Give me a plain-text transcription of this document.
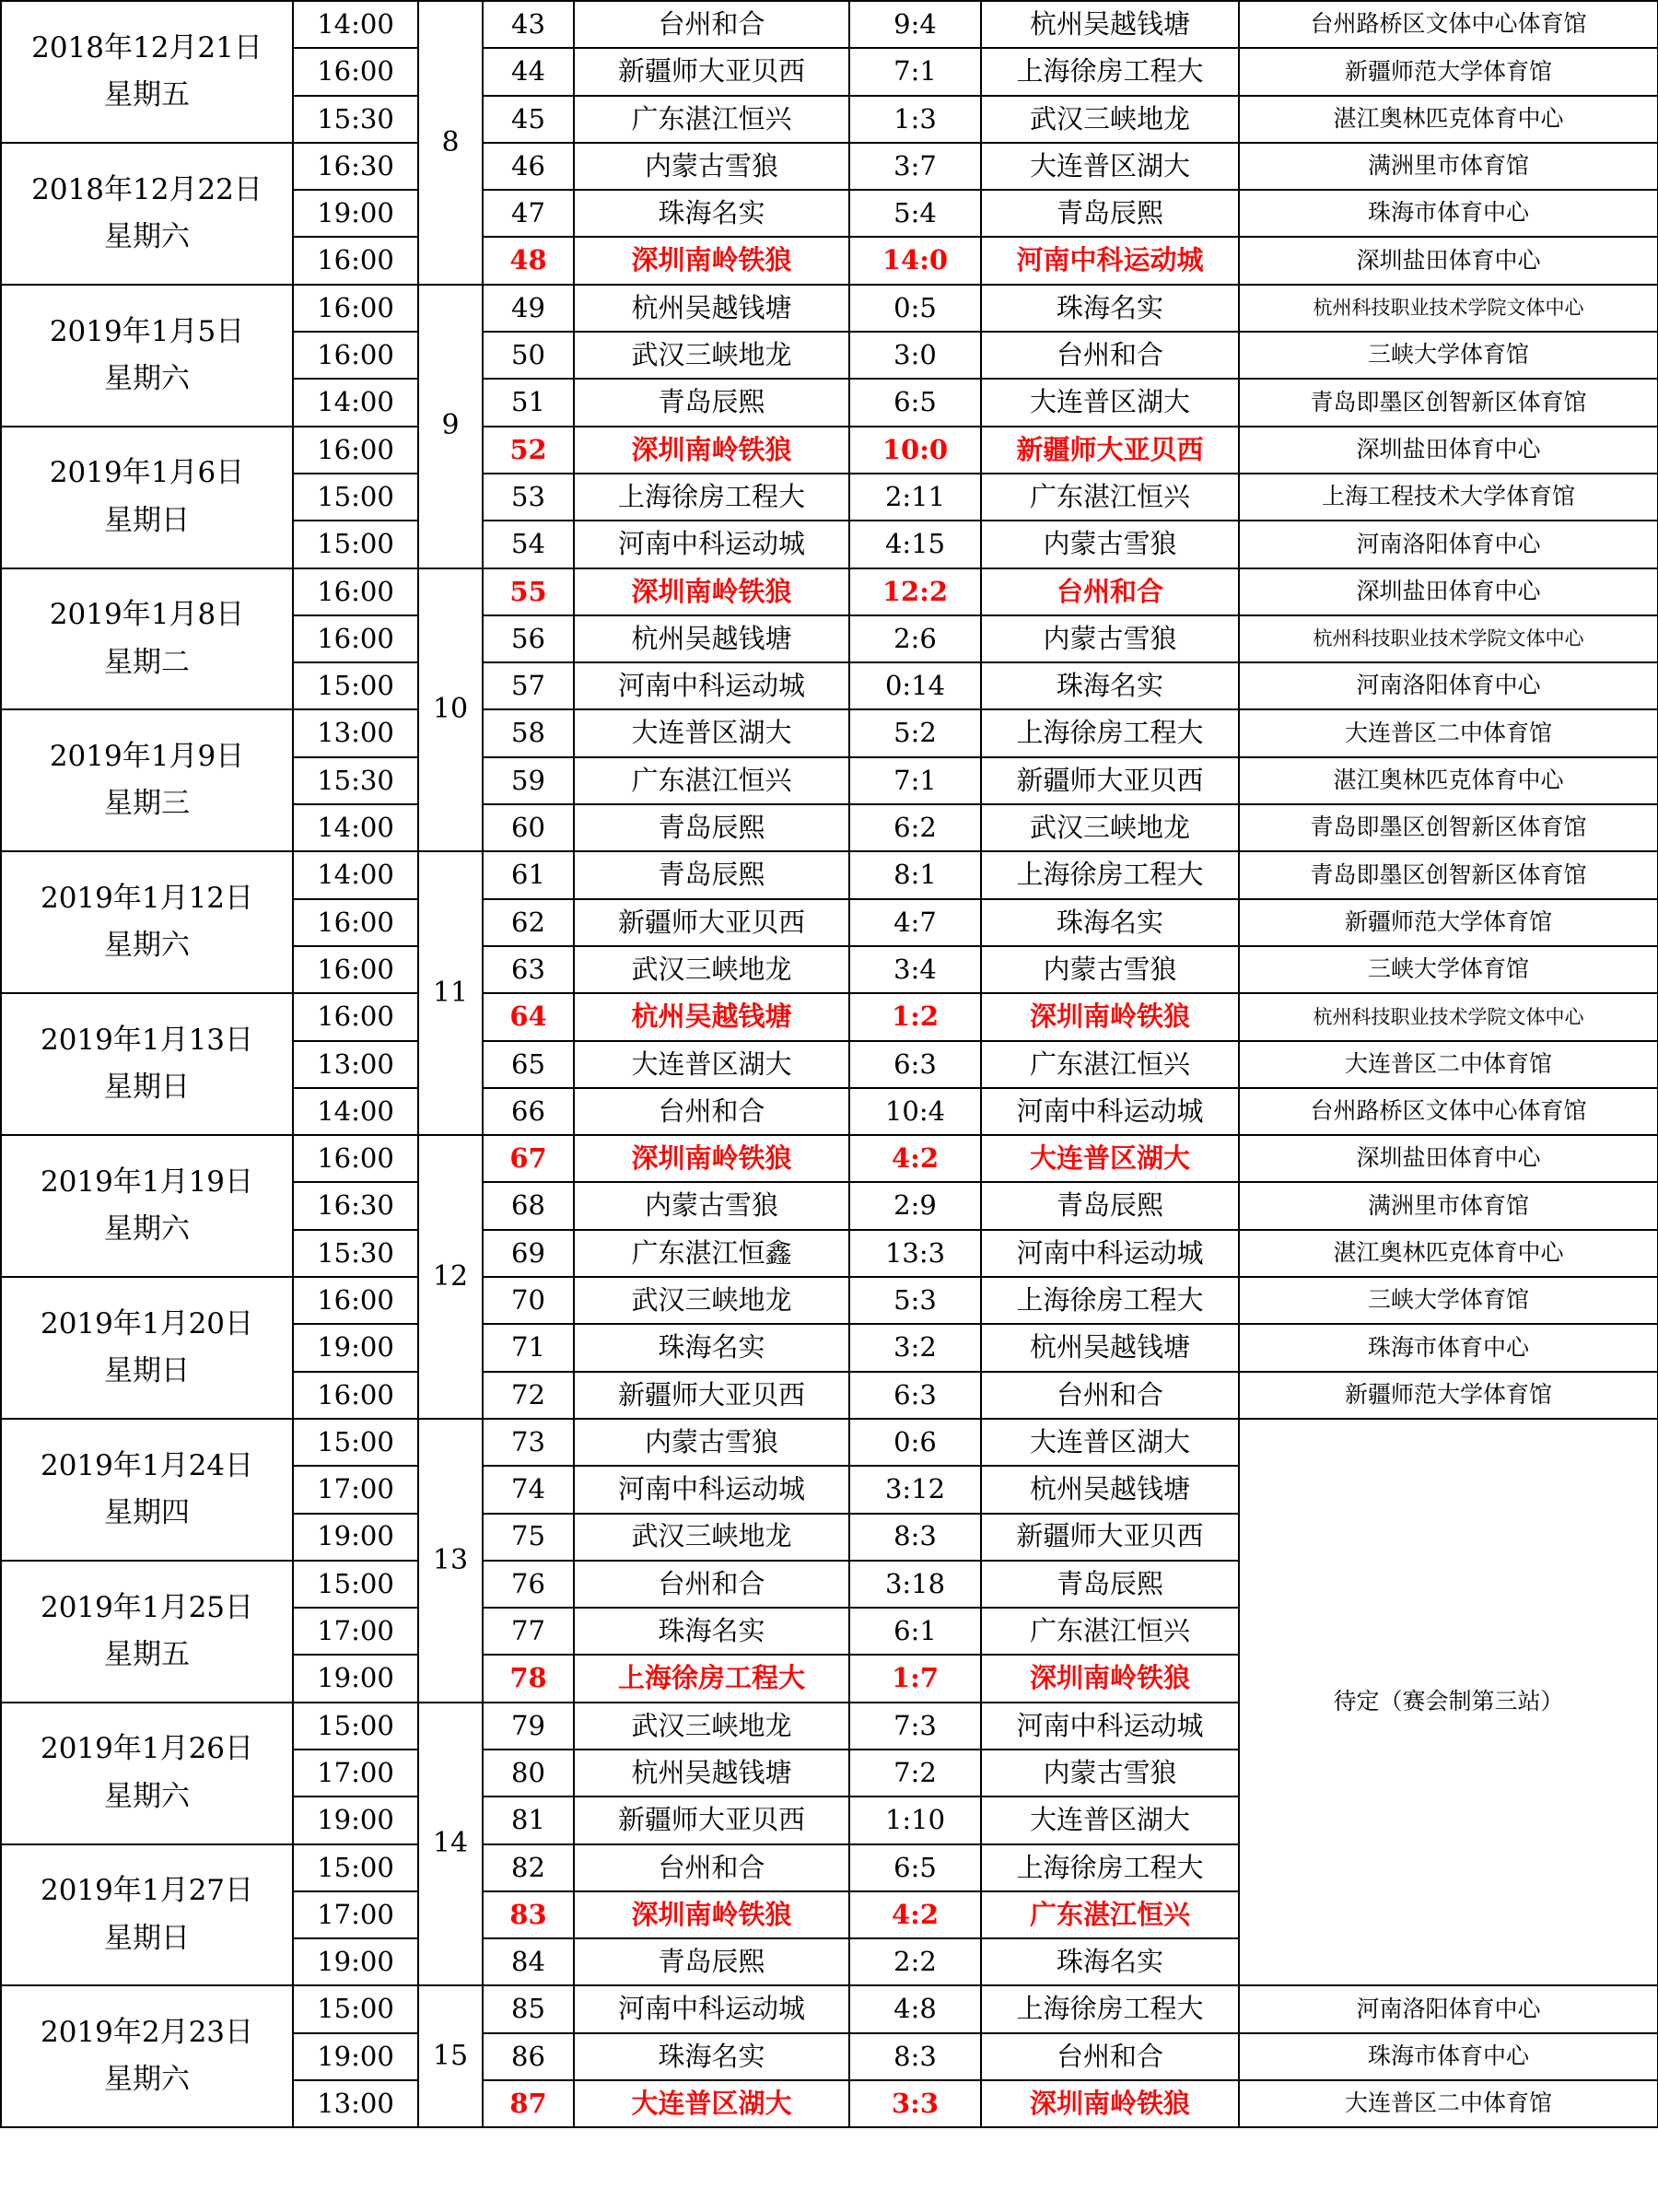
2018年12月21日
星期五	14:00	8	43	台州和合	9:4	杭州吴越钱塘	台州路桥区文体中心体育馆
	16:00		44	新疆师大亚贝西	7:1	上海徐房工程大	新疆师范大学体育馆
	15:30		45	广东湛江恒兴	1:3	武汉三峡地龙	湛江奥林匹克体育中心
2018年12月22日
星期六	16:30		46	内蒙古雪狼	3:7	大连普区湖大	满洲里市体育馆
	19:00		47	珠海名实	5:4	青岛辰熙	珠海市体育中心
	16:00		48	深圳南岭铁狼	14:0	河南中科运动城	深圳盐田体育中心
2019年1月5日
星期六	16:00	9	49	杭州吴越钱塘	0:5	珠海名实	杭州科技职业技术学院文体中心
	16:00		50	武汉三峡地龙	3:0	台州和合	三峡大学体育馆
	14:00		51	青岛辰熙	6:5	大连普区湖大	青岛即墨区创智新区体育馆
2019年1月6日
星期日	16:00		52	深圳南岭铁狼	10:0	新疆师大亚贝西	深圳盐田体育中心
	15:00		53	上海徐房工程大	2:11	广东湛江恒兴	上海工程技术大学体育馆
	15:00		54	河南中科运动城	4:15	内蒙古雪狼	河南洛阳体育中心
2019年1月8日
星期二	16:00	10	55	深圳南岭铁狼	12:2	台州和合	深圳盐田体育中心
	16:00		56	杭州吴越钱塘	2:6	内蒙古雪狼	杭州科技职业技术学院文体中心
	15:00		57	河南中科运动城	0:14	珠海名实	河南洛阳体育中心
2019年1月9日
星期三	13:00		58	大连普区湖大	5:2	上海徐房工程大	大连普区二中体育馆
	15:30		59	广东湛江恒兴	7:1	新疆师大亚贝西	湛江奥林匹克体育中心
	14:00		60	青岛辰熙	6:2	武汉三峡地龙	青岛即墨区创智新区体育馆
2019年1月12日
星期六	14:00	11	61	青岛辰熙	8:1	上海徐房工程大	青岛即墨区创智新区体育馆
	16:00		62	新疆师大亚贝西	4:7	珠海名实	新疆师范大学体育馆
	16:00		63	武汉三峡地龙	3:4	内蒙古雪狼	三峡大学体育馆
2019年1月13日
星期日	16:00		64	杭州吴越钱塘	1:2	深圳南岭铁狼	杭州科技职业技术学院文体中心
	13:00		65	大连普区湖大	6:3	广东湛江恒兴	大连普区二中体育馆
	14:00		66	台州和合	10:4	河南中科运动城	台州路桥区文体中心体育馆
2019年1月19日
星期六	16:00	12	67	深圳南岭铁狼	4:2	大连普区湖大	深圳盐田体育中心
	16:30		68	内蒙古雪狼	2:9	青岛辰熙	满洲里市体育馆
	15:30		69	广东湛江恒鑫	13:3	河南中科运动城	湛江奥林匹克体育中心
2019年1月20日
星期日	16:00		70	武汉三峡地龙	5:3	上海徐房工程大	三峡大学体育馆
	19:00		71	珠海名实	3:2	杭州吴越钱塘	珠海市体育中心
	16:00		72	新疆师大亚贝西	6:3	台州和合	新疆师范大学体育馆
2019年1月24日
星期四	15:00	13	73	内蒙古雪狼	0:6	大连普区湖大	待定（赛会制第三站）
	17:00		74	河南中科运动城	3:12	杭州吴越钱塘	
	19:00		75	武汉三峡地龙	8:3	新疆师大亚贝西	
2019年1月25日
星期五	15:00		76	台州和合	3:18	青岛辰熙	
	17:00		77	珠海名实	6:1	广东湛江恒兴	
	19:00		78	上海徐房工程大	1:7	深圳南岭铁狼	
2019年1月26日
星期六	15:00	14	79	武汉三峡地龙	7:3	河南中科运动城	
	17:00		80	杭州吴越钱塘	7:2	内蒙古雪狼	
	19:00		81	新疆师大亚贝西	1:10	大连普区湖大	
2019年1月27日
星期日	15:00		82	台州和合	6:5	上海徐房工程大	
	17:00		83	深圳南岭铁狼	4:2	广东湛江恒兴	
	19:00		84	青岛辰熙	2:2	珠海名实	
2019年2月23日
星期六	15:00	15	85	河南中科运动城	4:8	上海徐房工程大	河南洛阳体育中心
	19:00		86	珠海名实	8:3	台州和合	珠海市体育中心
	13:00		87	大连普区湖大	3:3	深圳南岭铁狼	大连普区二中体育馆
